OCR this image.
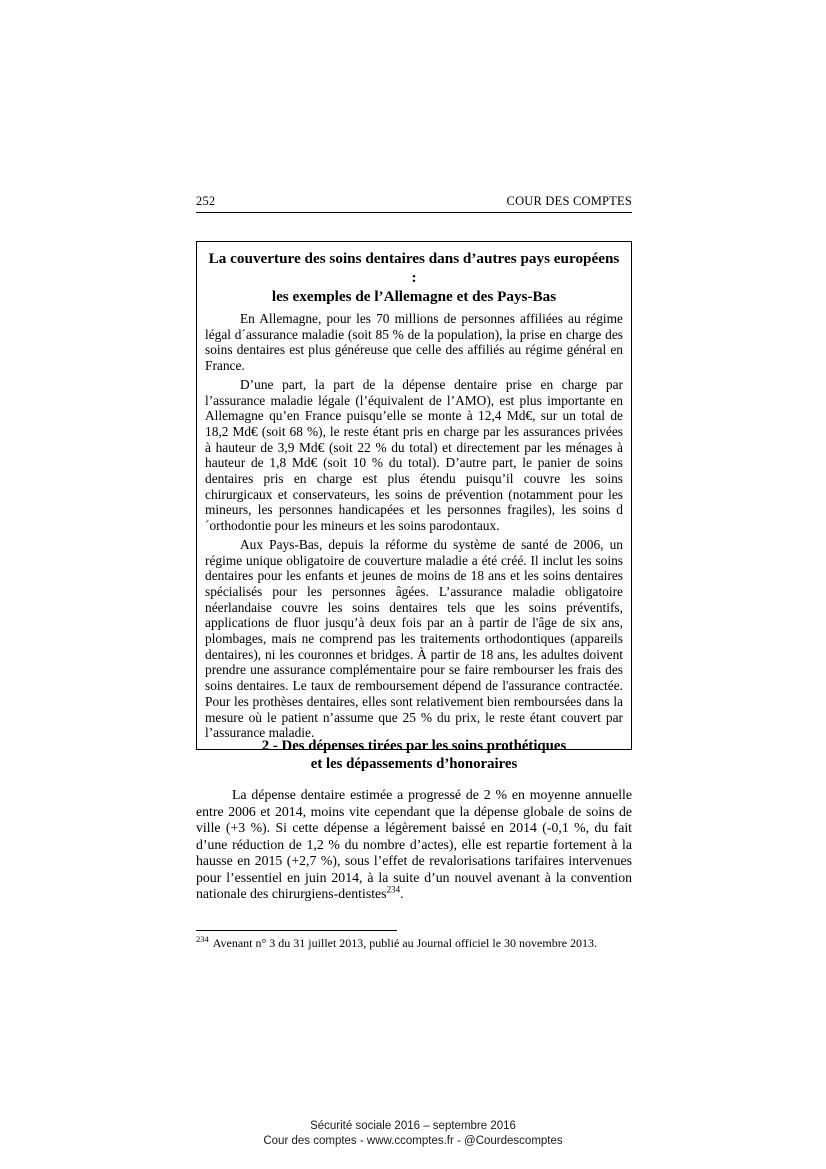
252	COUR DES COMPTES
La couverture des soins dentaires dans d’autres pays européens :
les exemples de l’Allemagne et des Pays-Bas

En Allemagne, pour les 70 millions de personnes affiliées au régime légal d´assurance maladie (soit 85 % de la population), la prise en charge des soins dentaires est plus généreuse que celle des affiliés au régime général en France.

D’une part, la part de la dépense dentaire prise en charge par l’assurance maladie légale (l’équivalent de l’AMO), est plus importante en Allemagne qu’en France puisqu’elle se monte à 12,4 Md€, sur un total de 18,2 Md€ (soit 68 %), le reste étant pris en charge par les assurances privées à hauteur de 3,9 Md€ (soit 22 % du total) et directement par les ménages à hauteur de 1,8 Md€ (soit 10 % du total). D’autre part, le panier de soins dentaires pris en charge est plus étendu puisqu’il couvre les soins chirurgicaux et conservateurs, les soins de prévention (notamment pour les mineurs, les personnes handicapées et les personnes fragiles), les soins d´orthodontie pour les mineurs et les soins parodontaux.

Aux Pays-Bas, depuis la réforme du système de santé de 2006, un régime unique obligatoire de couverture maladie a été créé. Il inclut les soins dentaires pour les enfants et jeunes de moins de 18 ans et les soins dentaires spécialisés pour les personnes âgées. L’assurance maladie obligatoire néerlandaise couvre les soins dentaires tels que les soins préventifs, applications de fluor jusqu’à deux fois par an à partir de l'âge de six ans, plombages, mais ne comprend pas les traitements orthodontiques (appareils dentaires), ni les couronnes et bridges. À partir de 18 ans, les adultes doivent prendre une assurance complémentaire pour se faire rembourser les frais des soins dentaires. Le taux de remboursement dépend de l'assurance contractée. Pour les prothèses dentaires, elles sont relativement bien remboursées dans la mesure où le patient n’assume que 25 % du prix, le reste étant couvert par l’assurance maladie.

2 - Des dépenses tirées par les soins prothétiques
et les dépassements d’honoraires

La dépense dentaire estimée a progressé de 2 % en moyenne annuelle entre 2006 et 2014, moins vite cependant que la dépense globale de soins de ville (+3 %). Si cette dépense a légèrement baissé en 2014 (-0,1 %, du fait d’une réduction de 1,2 % du nombre d’actes), elle est repartie fortement à la hausse en 2015 (+2,7 %), sous l’effet de revalorisations tarifaires intervenues pour l’essentiel en juin 2014, à la suite d’un nouvel avenant à la convention nationale des chirurgiens-dentistes$^{234}$.

$^{234}$ Avenant n° 3 du 31 juillet 2013, publié au Journal officiel le 30 novembre 2013.

Sécurité sociale 2016 – septembre 2016
Cour des comptes - www.ccomptes.fr - @Courdescomptes
